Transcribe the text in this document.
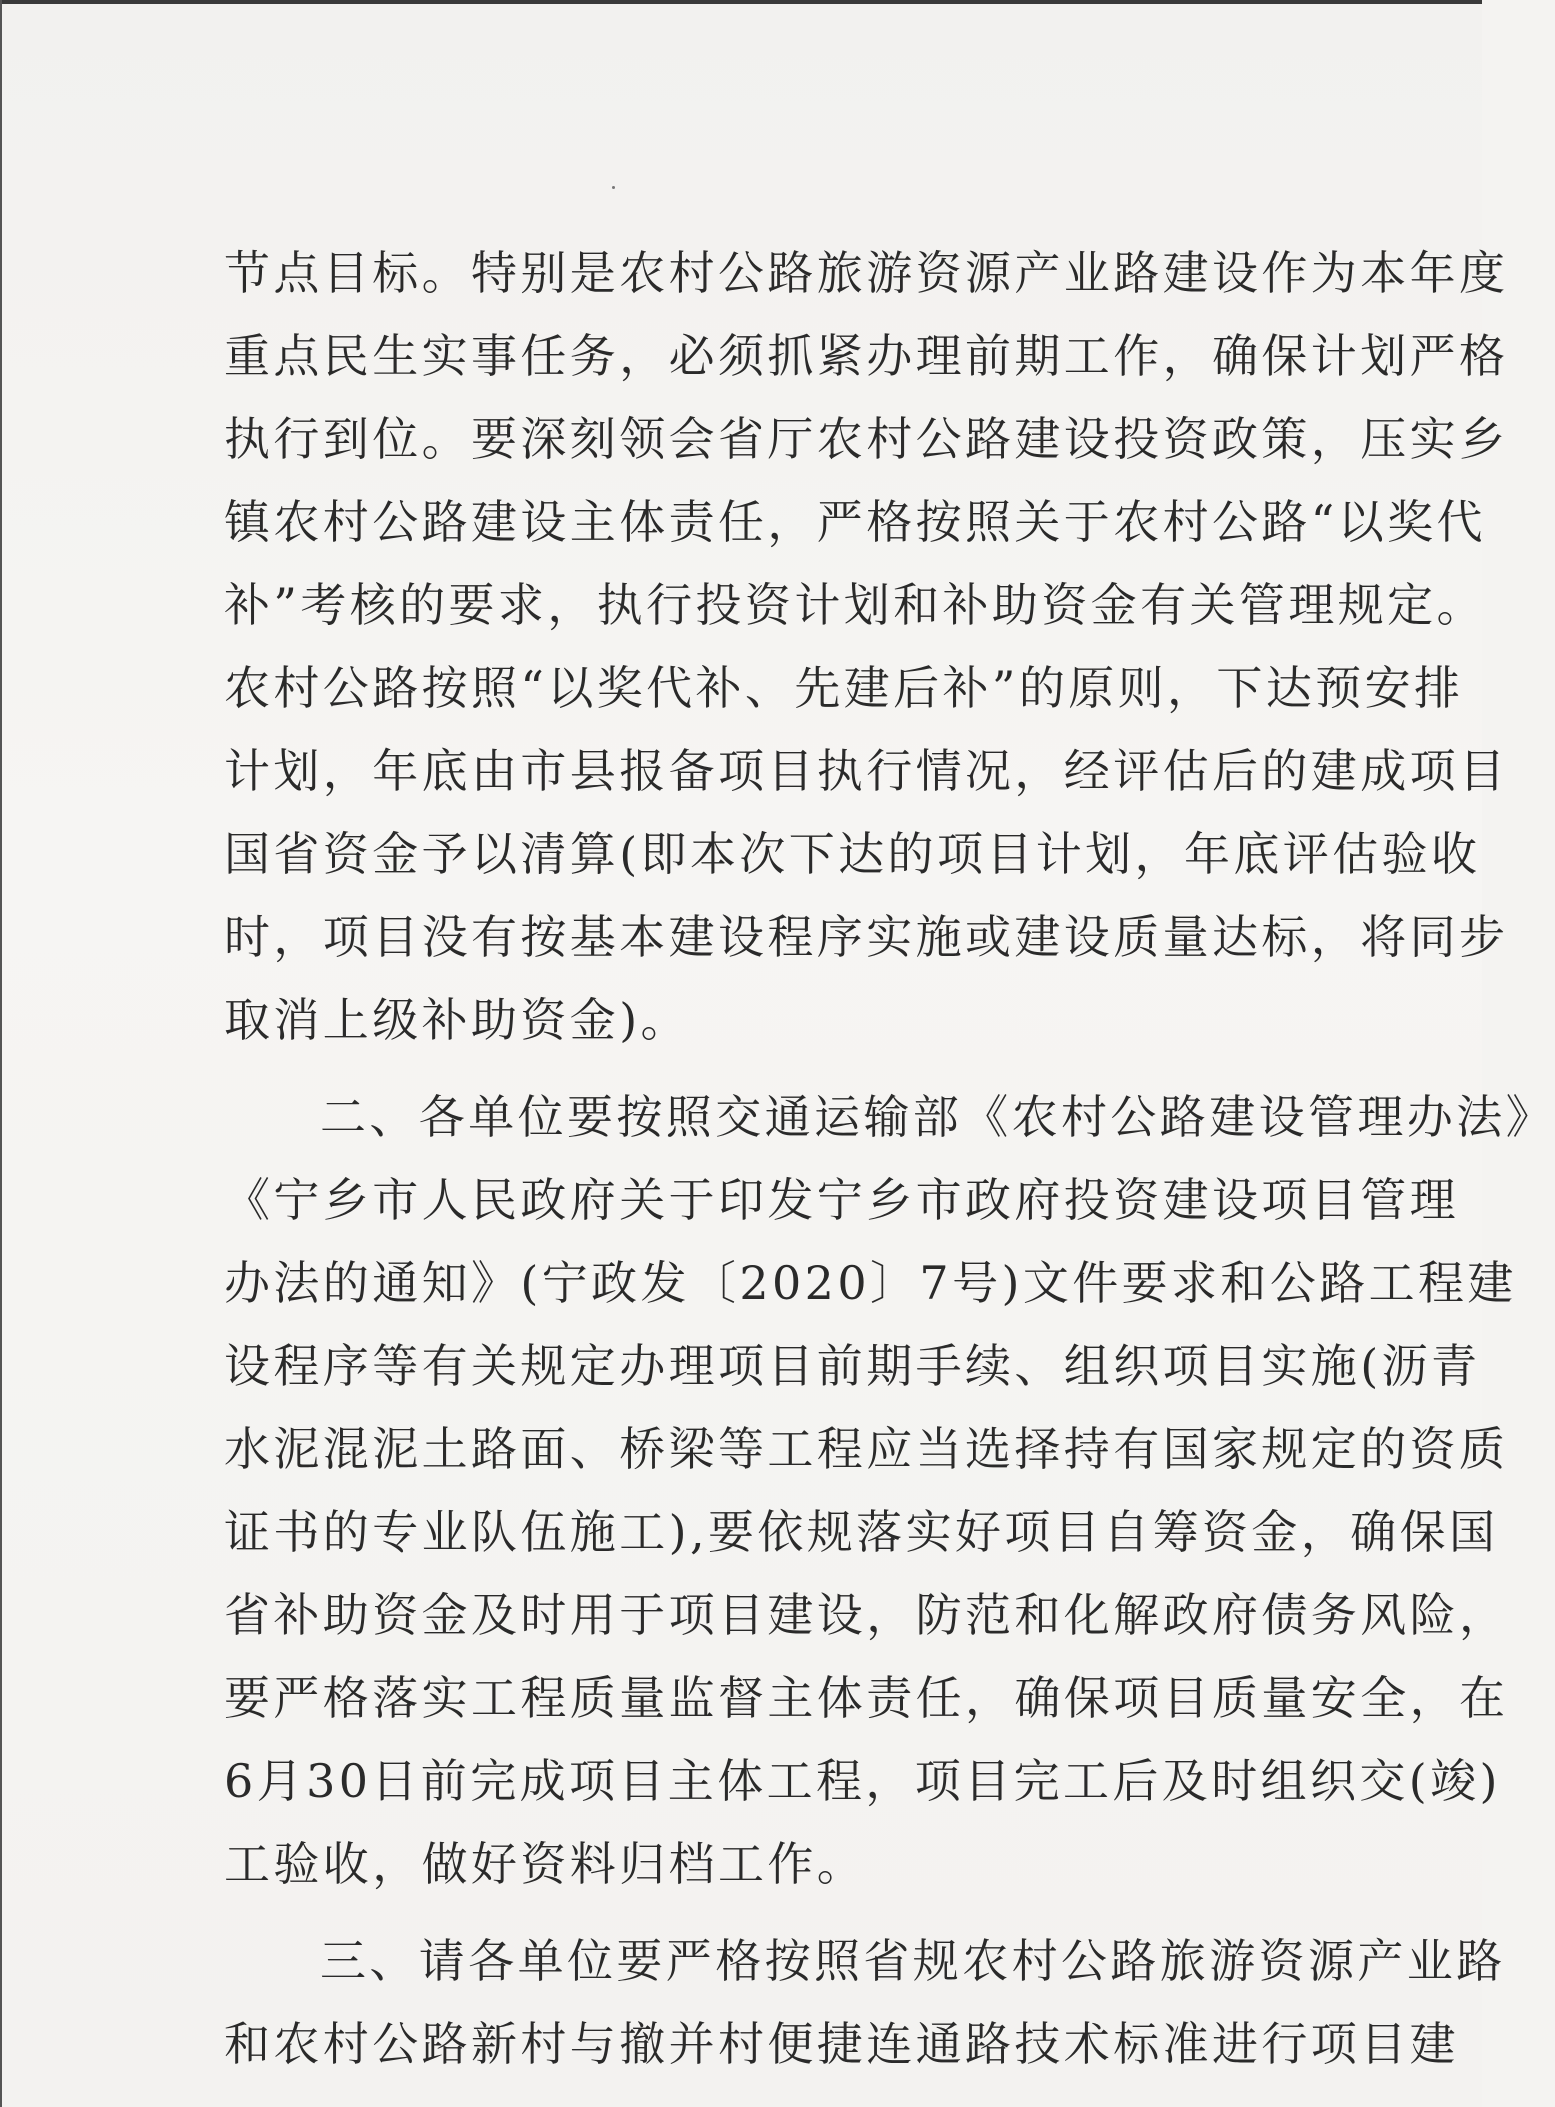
节点目标。特别是农村公路旅游资源产业路建设作为本年度
重点民生实事任务，必须抓紧办理前期工作，确保计划严格
执行到位。要深刻领会省厅农村公路建设投资政策，压实乡
镇农村公路建设主体责任，严格按照关于农村公路“以奖代
补”考核的要求，执行投资计划和补助资金有关管理规定。
农村公路按照“以奖代补、先建后补”的原则，下达预安排
计划，年底由市县报备项目执行情况，经评估后的建成项目
国省资金予以清算(即本次下达的项目计划，年底评估验收
时，项目没有按基本建设程序实施或建设质量达标，将同步
取消上级补助资金)。
二、各单位要按照交通运输部《农村公路建设管理办法》
《宁乡市人民政府关于印发宁乡市政府投资建设项目管理
办法的通知》(宁政发〔2020〕7号)文件要求和公路工程建
设程序等有关规定办理项目前期手续、组织项目实施(沥青
水泥混泥土路面、桥梁等工程应当选择持有国家规定的资质
证书的专业队伍施工),要依规落实好项目自筹资金，确保国
省补助资金及时用于项目建设，防范和化解政府债务风险，
要严格落实工程质量监督主体责任，确保项目质量安全，在
6月30日前完成项目主体工程，项目完工后及时组织交(竣)
工验收，做好资料归档工作。
三、请各单位要严格按照省规农村公路旅游资源产业路
和农村公路新村与撤并村便捷连通路技术标准进行项目建
